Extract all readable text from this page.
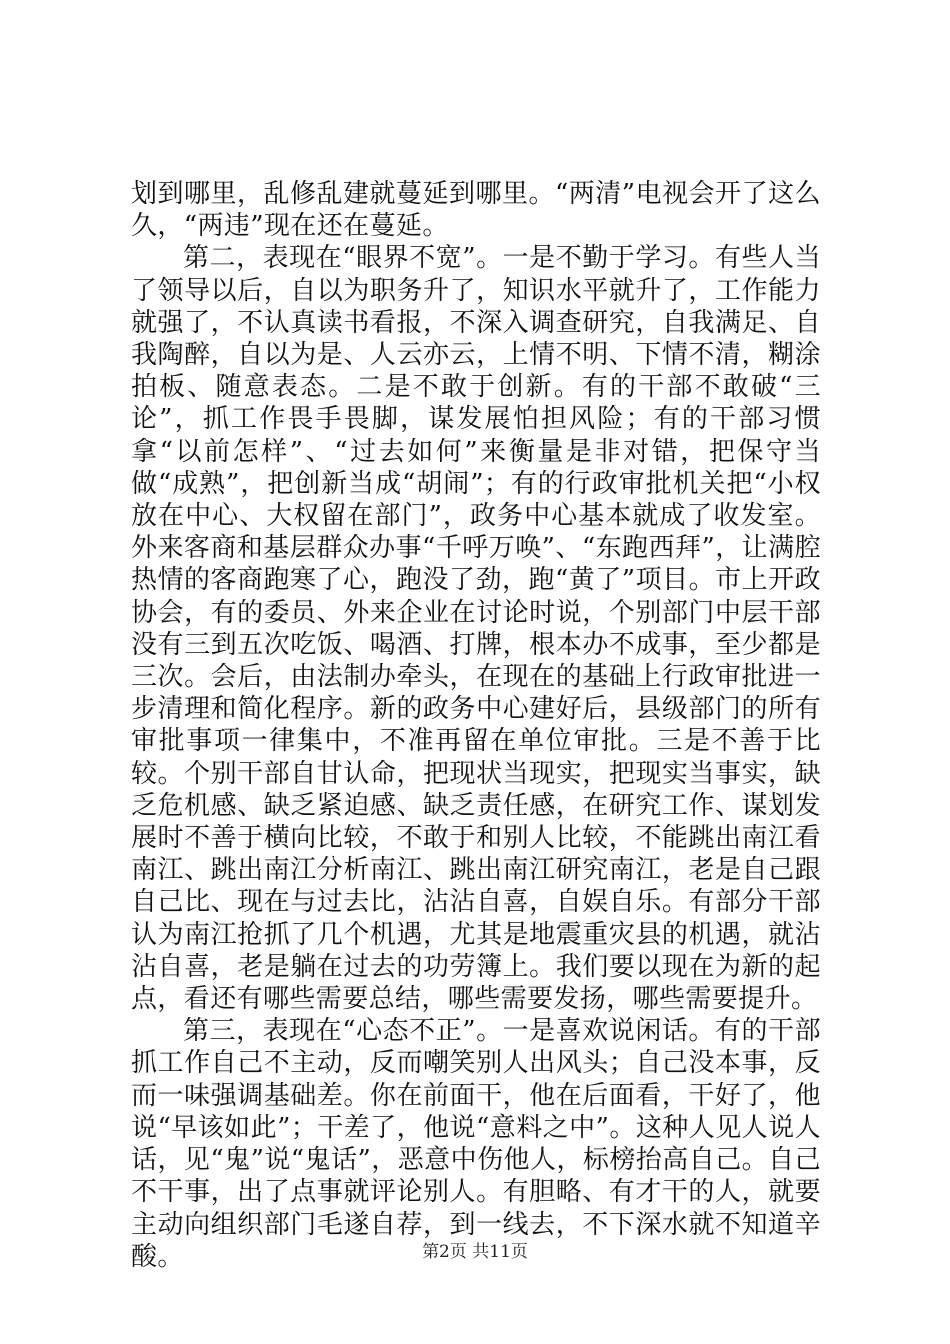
划到哪里，乱修乱建就蔓延到哪里。“两清”电视会开了这么久，“两违”现在还在蔓延。

第二，表现在“眼界不宽”。一是不勤于学习。有些人当了领导以后，自以为职务升了，知识水平就升了，工作能力就强了，不认真读书看报，不深入调查研究，自我满足、自我陶醉，自以为是、人云亦云，上情不明、下情不清，糊涂拍板、随意表态。二是不敢于创新。有的干部不敢破“三论”，抓工作畏手畏脚，谋发展怕担风险；有的干部习惯拿“以前怎样”、“过去如何”来衡量是非对错，把保守当做“成熟”，把创新当成“胡闹”；有的行政审批机关把“小权放在中心、大权留在部门”，政务中心基本就成了收发室。外来客商和基层群众办事“千呼万唤”、“东跑西拜”，让满腔热情的客商跑寒了心，跑没了劲，跑“黄了”项目。市上开政协会，有的委员、外来企业在讨论时说，个别部门中层干部没有三到五次吃饭、喝酒、打牌，根本办不成事，至少都是三次。会后，由法制办牵头，在现在的基础上行政审批进一步清理和简化程序。新的政务中心建好后，县级部门的所有审批事项一律集中，不准再留在单位审批。三是不善于比较。个别干部自甘认命，把现状当现实，把现实当事实，缺乏危机感、缺乏紧迫感、缺乏责任感，在研究工作、谋划发展时不善于横向比较，不敢于和别人比较，不能跳出南江看南江、跳出南江分析南江、跳出南江研究南江，老是自己跟自己比、现在与过去比，沾沾自喜，自娱自乐。有部分干部认为南江抢抓了几个机遇，尤其是地震重灾县的机遇，就沾沾自喜，老是躺在过去的功劳簿上。我们要以现在为新的起点，看还有哪些需要总结，哪些需要发扬，哪些需要提升。

第三，表现在“心态不正”。一是喜欢说闲话。有的干部抓工作自己不主动，反而嘲笑别人出风头；自己没本事，反而一味强调基础差。你在前面干，他在后面看，干好了，他说“早该如此”；干差了，他说“意料之中”。这种人见人说人话，见“鬼”说“鬼话”，恶意中伤他人，标榜抬高自己。自己不干事，出了点事就评论别人。有胆略、有才干的人，就要主动向组织部门毛遂自荐，到一线去，不下深水就不知道辛酸。	第2页 共11页
